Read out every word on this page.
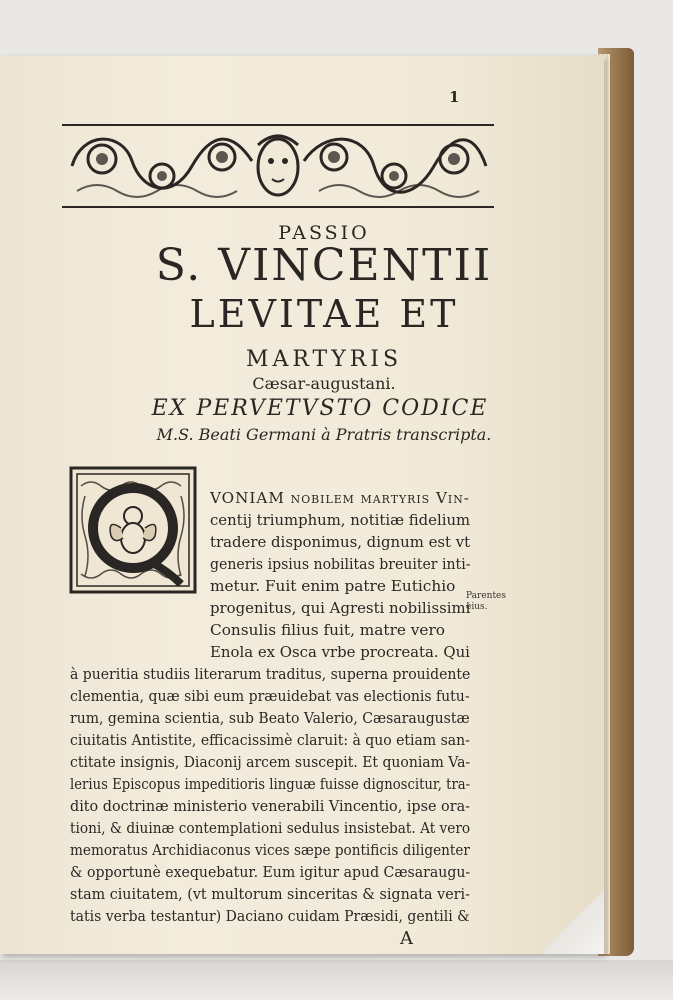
1
PASSIO
S. VINCENTII
LEVITAE ET
MARTYRIS
Cæsar-augustani.
EX PERVETVSTO CODICE
M.S. Beati Germani à Pratris transcripta.
VONIAM nobilem martyris Vin-
centij triumphum, notitiæ fidelium
tradere disponimus, dignum est vt
generis ipsius nobilitas breuiter inti-
metur. Fuit enim patre Eutichio
progenitus, qui Agresti nobilissimi
Consulis filius fuit, matre vero
Enola ex Osca vrbe procreata. Qui
à pueritia studiis literarum traditus, superna prouidente
clementia, quæ sibi eum præuidebat vas electionis futu-
rum, gemina scientia, sub Beato Valerio, Cæsaraugustæ
ciuitatis Antistite, efficacissimè claruit: à quo etiam san-
ctitate insignis, Diaconij arcem suscepit. Et quoniam Va-
lerius Episcopus impeditioris linguæ fuisse dignoscitur, tra-
dito doctrinæ ministerio venerabili Vincentio, ipse ora-
tioni, & diuinæ contemplationi sedulus insistebat. At vero
memoratus Archidiaconus vices sæpe pontificis diligenter
& opportunè exequebatur. Eum igitur apud Cæsaraugu-
stam ciuitatem, (vt multorum sinceritas & signata veri-
tatis verba testantur) Daciano cuidam Præsidi, gentili &
Parentes eius.
A
